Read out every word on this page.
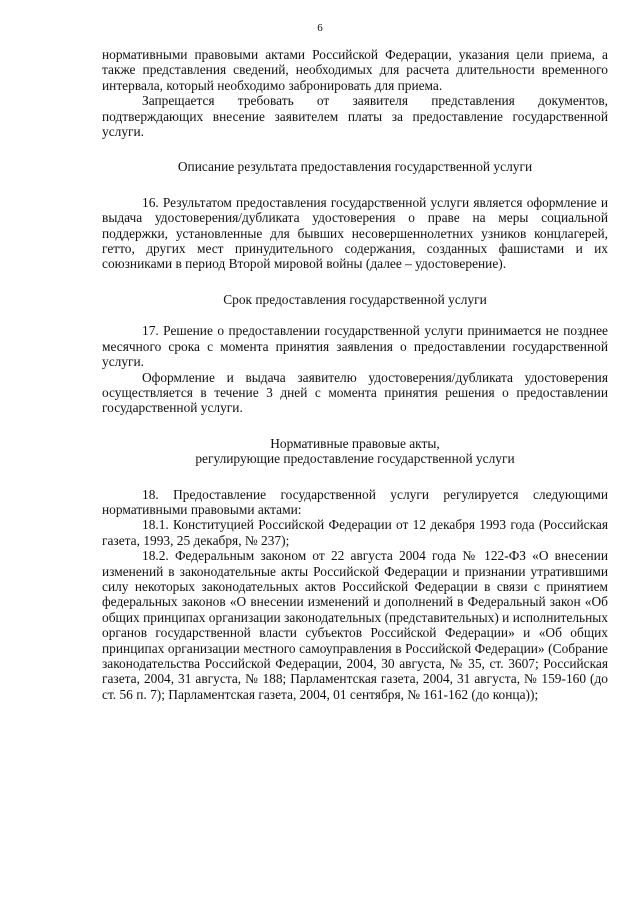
6

нормативными правовыми актами Российской Федерации, указания цели приема, а также представления сведений, необходимых для расчета длительности временного интервала, который необходимо забронировать для приема.

Запрещается требовать от заявителя представления документов, подтверждающих внесение заявителем платы за предоставление государственной услуги.

Описание результата предоставления государственной услуги

16. Результатом предоставления государственной услуги является оформление и выдача удостоверения/дубликата удостоверения о праве на меры социальной поддержки, установленные для бывших несовершеннолетних узников концлагерей, гетто, других мест принудительного содержания, созданных фашистами и их союзниками в период Второй мировой войны (далее – удостоверение).

Срок предоставления государственной услуги

17. Решение о предоставлении государственной услуги принимается не позднее месячного срока с момента принятия заявления о предоставлении государственной услуги.

Оформление и выдача заявителю удостоверения/дубликата удостоверения осуществляется в течение 3 дней с момента принятия решения о предоставлении государственной услуги.

Нормативные правовые акты,

регулирующие предоставление государственной услуги

18. Предоставление государственной услуги регулируется следующими нормативными правовыми актами:

18.1. Конституцией Российской Федерации от 12 декабря 1993 года (Российская газета, 1993, 25 декабря, № 237);

18.2. Федеральным законом от 22 августа 2004 года № 122-ФЗ «О внесении изменений в законодательные акты Российской Федерации и признании утратившими силу некоторых законодательных актов Российской Федерации в связи с принятием федеральных законов «О внесении изменений и дополнений в Федеральный закон «Об общих принципах организации законодательных (представительных) и исполнительных органов государственной власти субъектов Российской Федерации» и «Об общих принципах организации местного самоуправления в Российской Федерации» (Собрание законодательства Российской Федерации, 2004, 30 августа, № 35, ст. 3607; Российская газета, 2004, 31 августа, № 188; Парламентская газета, 2004, 31 августа, № 159-160 (до ст. 56 п. 7); Парламентская газета, 2004, 01 сентября, № 161-162 (до конца));
